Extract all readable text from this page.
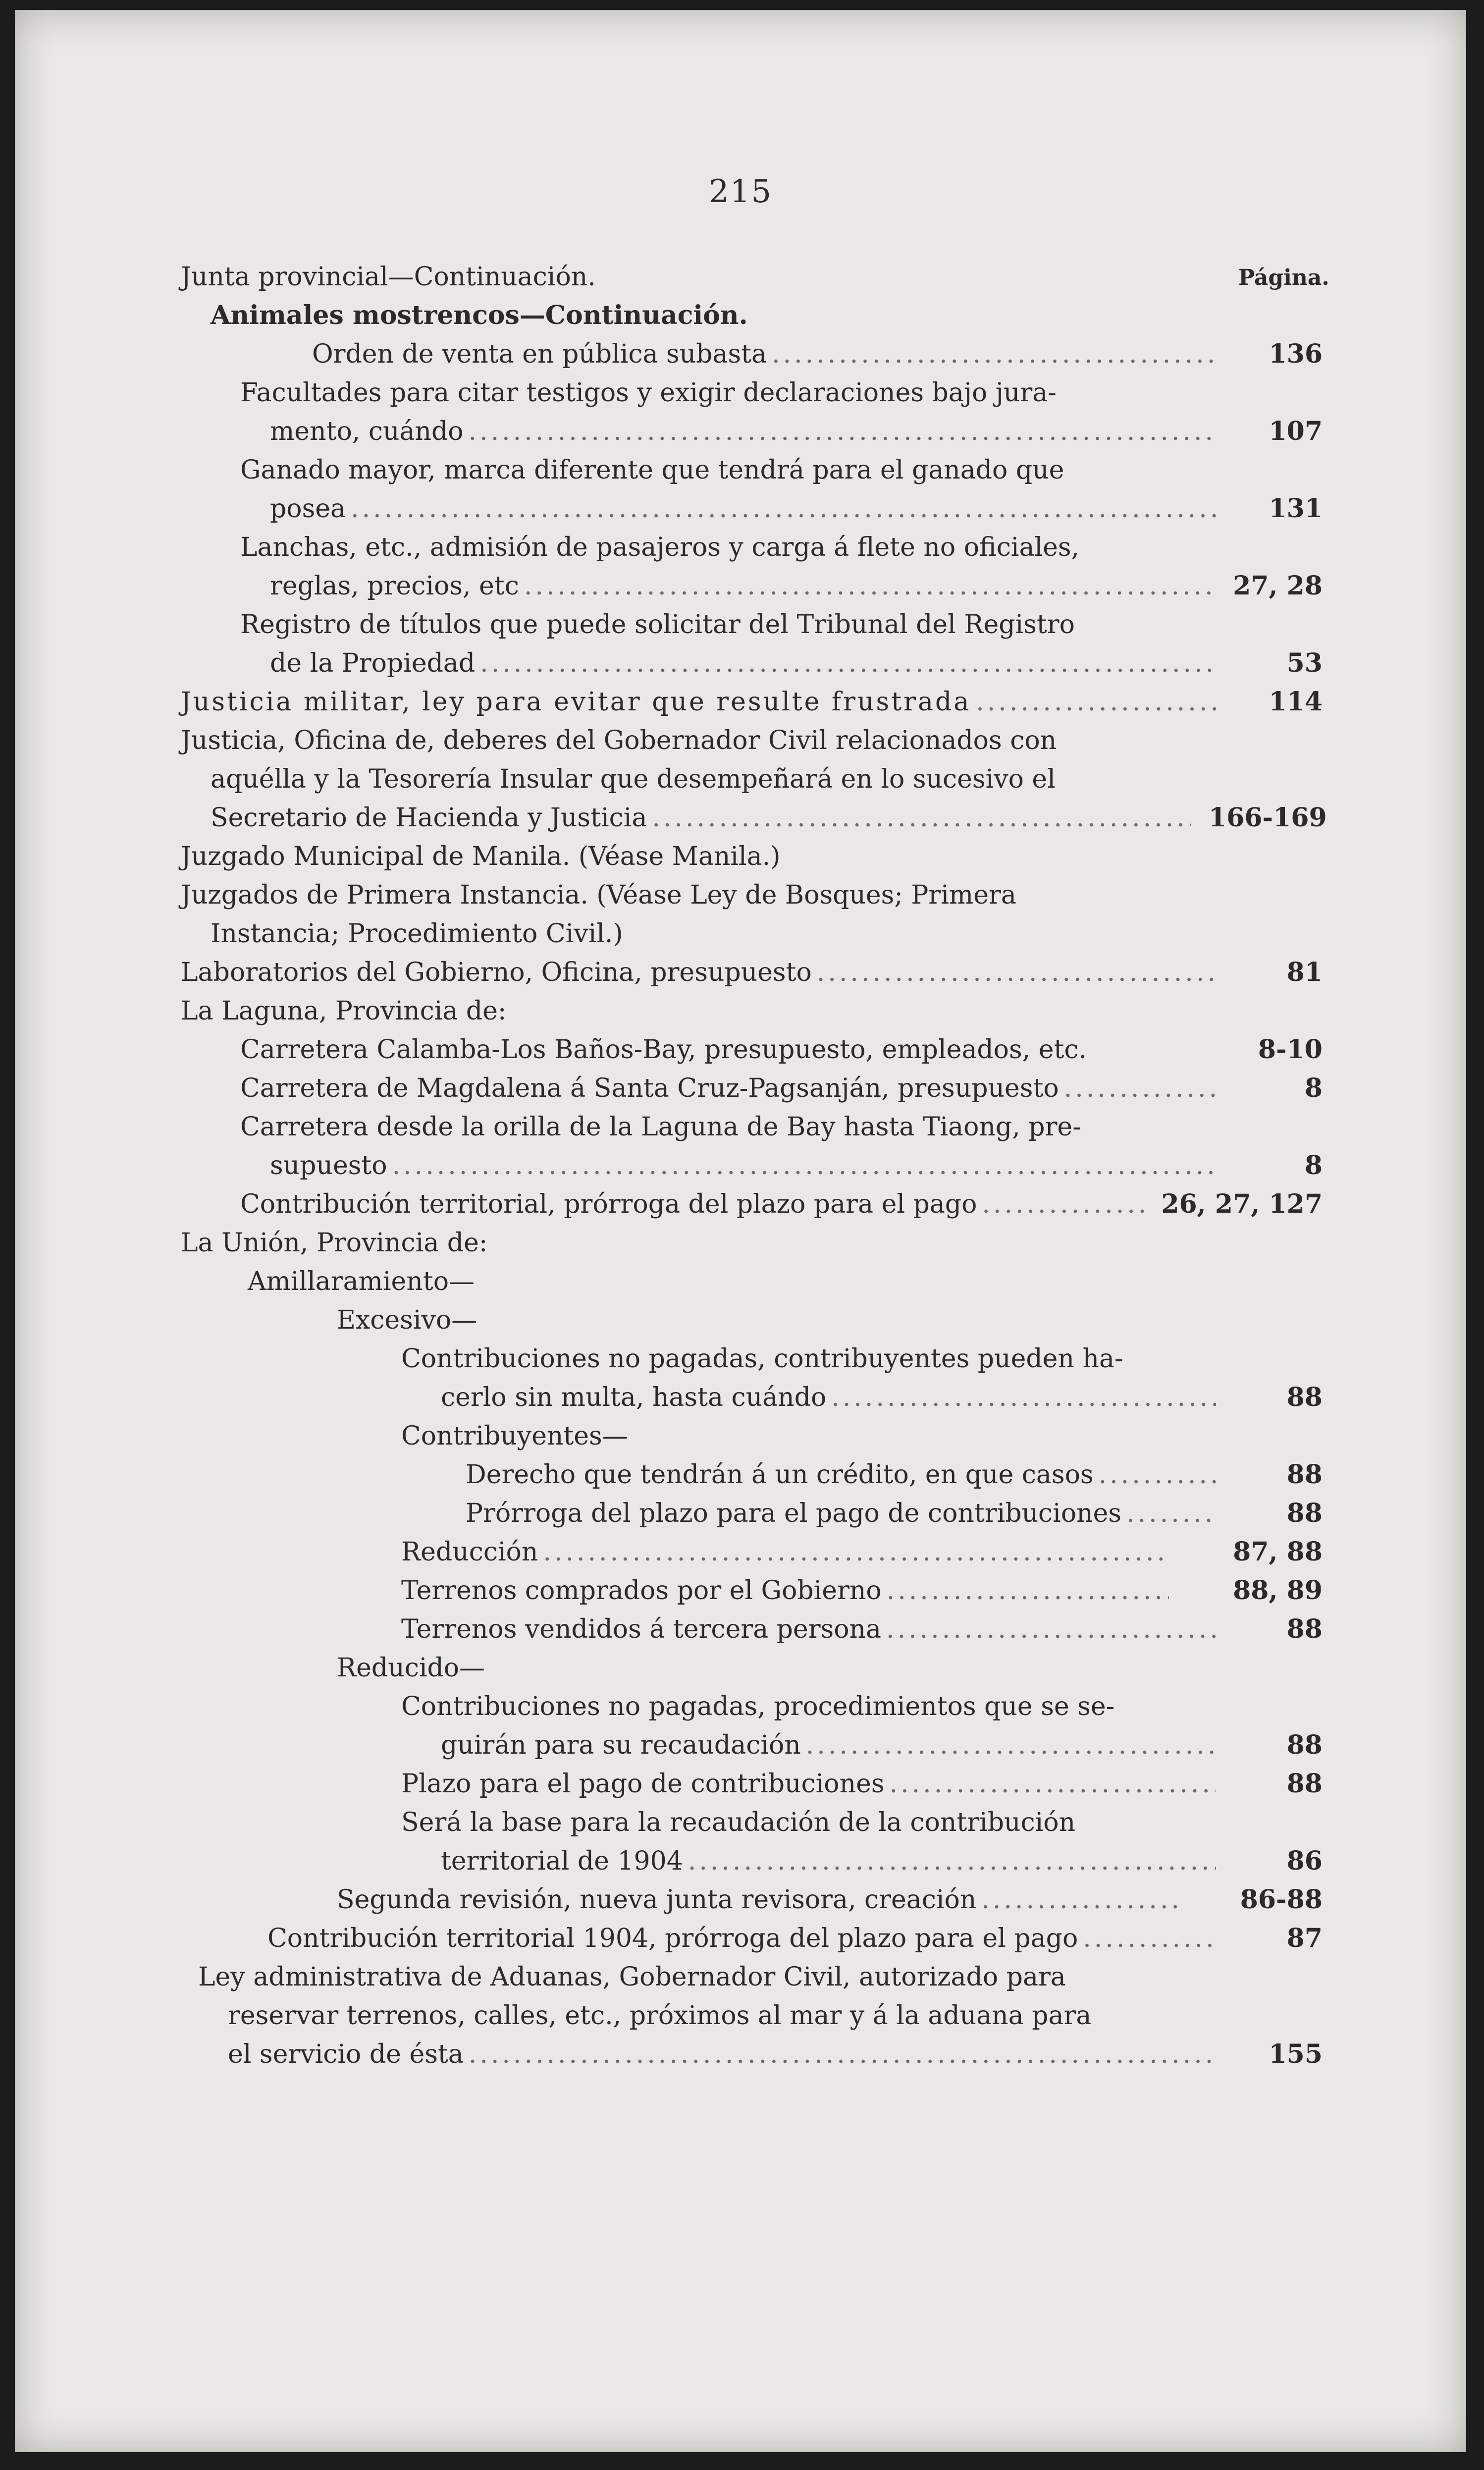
215
Página.
Junta provincial—Continuación.
Animales mostrencos—Continuación.
Orden de venta en pública subasta .....	136
Facultades para citar testigos y exigir declaraciones bajo jura-
mento, cuándo .....	107
Ganado mayor, marca diferente que tendrá para el ganado que
posea .....	131
Lanchas, etc., admisión de pasajeros y carga á flete no oficiales,
reglas, precios, etc .....	27, 28
Registro de títulos que puede solicitar del Tribunal del Registro
de la Propiedad .....	53
Justicia militar, ley para evitar que resulte frustrada .....	114
Justicia, Oficina de, deberes del Gobernador Civil relacionados con
aquélla y la Tesorería Insular que desempeñará en lo sucesivo el
Secretario de Hacienda y Justicia .....	166-169
Juzgado Municipal de Manila. (Véase Manila.)
Juzgados de Primera Instancia. (Véase Ley de Bosques; Primera
Instancia; Procedimiento Civil.)
Laboratorios del Gobierno, Oficina, presupuesto .....	81
La Laguna, Provincia de:
Carretera Calamba-Los Baños-Bay, presupuesto, empleados, etc.	8-10
Carretera de Magdalena á Santa Cruz-Pagsanján, presupuesto .....	8
Carretera desde la orilla de la Laguna de Bay hasta Tiaong, pre-
supuesto .....	8
Contribución territorial, prórroga del plazo para el pago .....	26, 27, 127
La Unión, Provincia de:
Amillaramiento—
Excesivo—
Contribuciones no pagadas, contribuyentes pueden ha-
cerlo sin multa, hasta cuándo .....	88
Contribuyentes—
Derecho que tendrán á un crédito, en que casos .....	88
Prórroga del plazo para el pago de contribuciones .....	88
Reducción .....	87, 88
Terrenos comprados por el Gobierno .....	88, 89
Terrenos vendidos á tercera persona .....	88
Reducido—
Contribuciones no pagadas, procedimientos que se se-
guirán para su recaudación .....	88
Plazo para el pago de contribuciones .....	88
Será la base para la recaudación de la contribución
territorial de 1904 .....	86
Segunda revisión, nueva junta revisora, creación .....	86-88
Contribución territorial 1904, prórroga del plazo para el pago .....	87
Ley administrativa de Aduanas, Gobernador Civil, autorizado para
reservar terrenos, calles, etc., próximos al mar y á la aduana para
el servicio de ésta .....	155
